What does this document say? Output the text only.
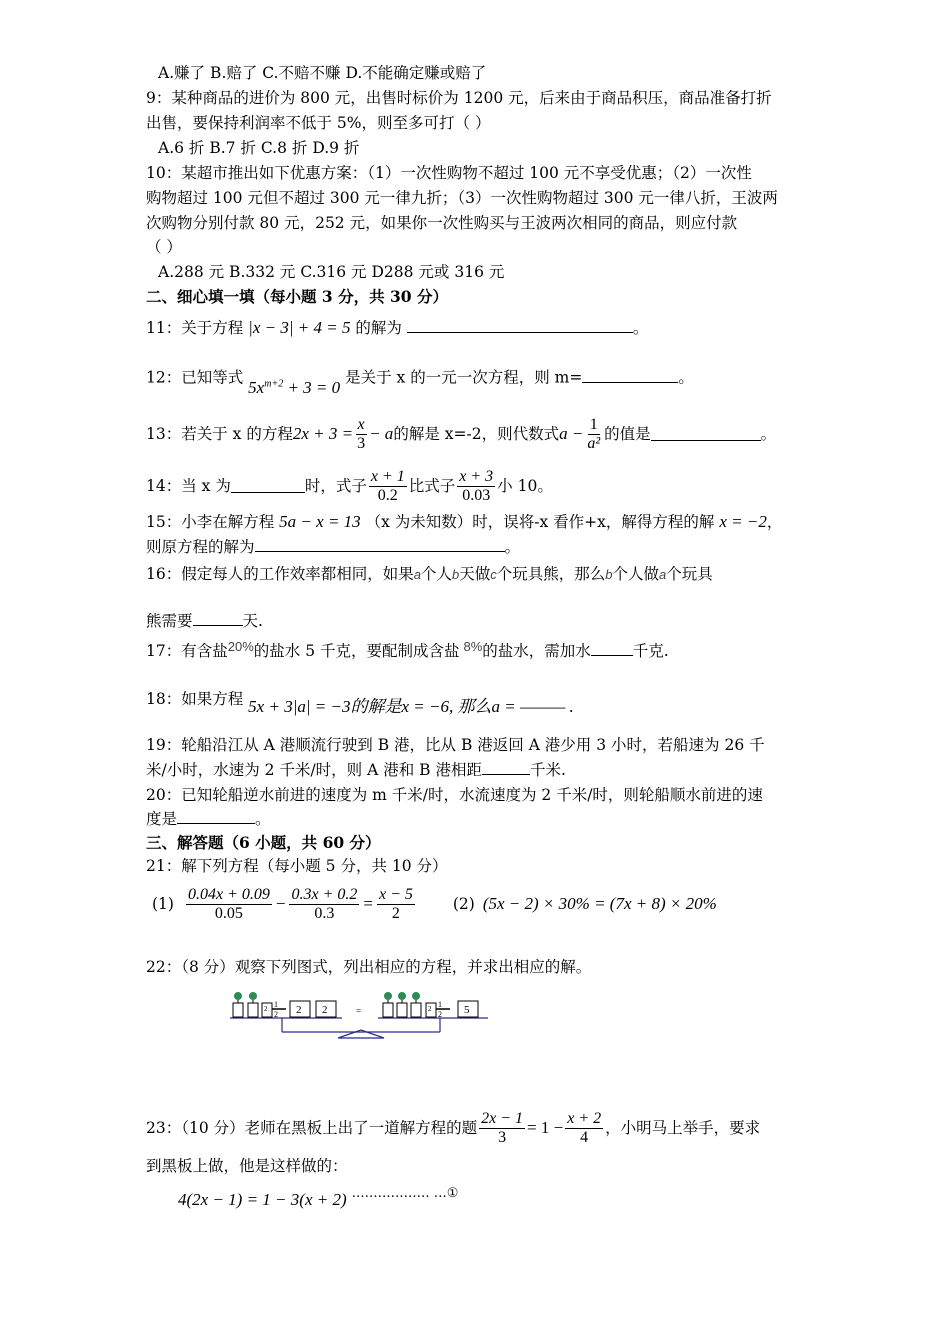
A.赚了 B.赔了 C.不赔不赚 D.不能确定赚或赔了
9：某种商品的进价为 800 元，出售时标价为 1200 元，后来由于商品积压，商品准备打折
出售，要保持利润率不低于 5%，则至多可打（ ）
A.6 折 B.7 折 C.8 折 D.9 折
10：某超市推出如下优惠方案：（1）一次性购物不超过 100 元不享受优惠；（2）一次性
购物超过 100 元但不超过 300 元一律九折；（3）一次性购物超过 300 元一律八折，王波两
次购物分别付款 80 元，252 元，如果你一次性购买与王波两次相同的商品，则应付款
（ ）
A.288 元 B.332 元 C.316 元 D288 元或 316 元
二、细心填一填（每小题 3 分，共 30 分）
11：关于方程 |x − 3| + 4 = 5 的解为	。
12：已知等式 $5x^{m+2} + 3 = 0$ 是关于 x 的一元一次方程，则 m=	。
13：若关于 x 的方程 $2x + 3 = \frac{x}{3} - a$ 的解是 x=-2，则代数式 $a - \frac{1}{\text{a²}}$ 的值是	。
14：当 x 为	时，式子 $\frac{x + 1}{0.2}$ 比式子 $\frac{x + 3}{0.03}$ 小 10。
15：小李在解方程 5a − x = 13 （x 为未知数）时，误将-x 看作+x，解得方程的解 x = −2，
则原方程的解为	。
16：假定每人的工作效率都相同，如果a个人b天做c个玩具熊，那么b个人做a个玩具
熊需要	天.
17：有含盐$^{20\%}$的盐水 5 千克，要配制成含盐 $^{8\%}$的盐水，需加水	千克.
18：如果方程 5x + 3|a| = −3的解是x = −6, 那么a = ——— .
19：轮船沿江从 A 港顺流行驶到 B 港，比从 B 港返回 A 港少用 3 小时，若船速为 26 千
米/小时，水速为 2 千米/时，则 A 港和 B 港相距	千米.
20：已知轮船逆水前进的速度为 m 千米/时，水流速度为 2 千米/时，则轮船顺水前进的速
度是	。
三、解答题（6 小题，共 60 分）
21：解下列方程（每小题 5 分，共 10 分）
$(1) \frac{0.04x + 0.09}{0.05} - \frac{0.3x + 0.2}{0.3} = \frac{x - 5}{2} (2) (5x - 2) \times 30\% = (7x + 8) \times 20\%$
22：（8 分）观察下列图式，列出相应的方程，并求出相应的解。
2 1
2 2 2	=	2 1
2 5
23：（10 分）老师在黑板上出了一道解方程的题 $\frac{2x - 1}{3} = 1 - \frac{x + 2}{4}$ ，小明马上举手，要求
到黑板上做，他是这样做的：
4(2x − 1) = 1 − 3(x + 2) ……………… …①
